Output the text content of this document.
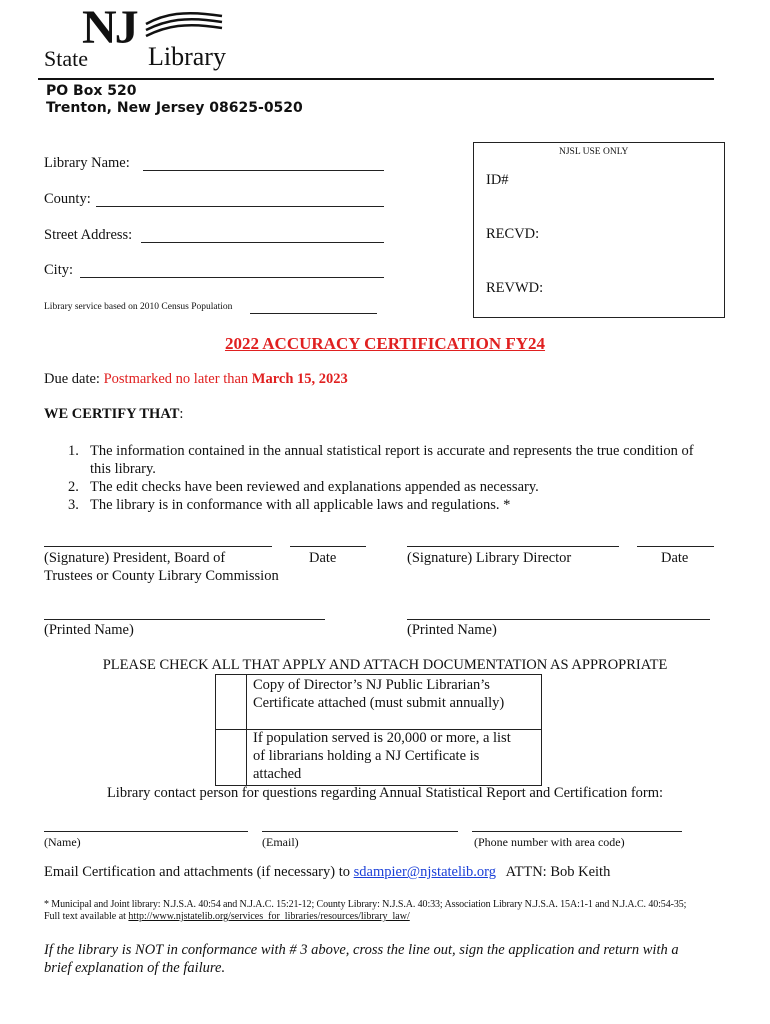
NJ
State Library
PO Box 520
Trenton, New Jersey 08625-0520
Library Name:
County:
Street Address:
City:
Library service based on 2010 Census Population
NJSL USE ONLY
ID#
RECVD:
REVWD:
2022 ACCURACY CERTIFICATION FY24
Due date: Postmarked no later than March 15, 2023
WE CERTIFY THAT:
1. The information contained in the annual statistical report is accurate and represents the true condition of
this library.
2. The edit checks have been reviewed and explanations appended as necessary.
3. The library is in conformance with all applicable laws and regulations. *
(Signature) President, Board of
Trustees or County Library Commission
Date	(Signature) Library Director	Date
(Printed Name)	(Printed Name)
PLEASE CHECK ALL THAT APPLY AND ATTACH DOCUMENTATION AS APPROPRIATE
Copy of Director’s NJ Public Librarian’s
Certificate attached (must submit annually)
If population served is 20,000 or more, a list
of librarians holding a NJ Certificate is
attached
Library contact person for questions regarding Annual Statistical Report and Certification form:
(Name)	(Email)	(Phone number with area code)
Email Certification and attachments (if necessary) to sdampier@njstatelib.org ATTN: Bob Keith
* Municipal and Joint library: N.J.S.A. 40:54 and N.J.A.C. 15:21-12; County Library: N.J.S.A. 40:33; Association Library N.J.S.A. 15A:1-1 and N.J.A.C. 40:54-35;
Full text available at http://www.njstatelib.org/services_for_libraries/resources/library_law/
If the library is NOT in conformance with # 3 above, cross the line out, sign the application and return with a
brief explanation of the failure.
